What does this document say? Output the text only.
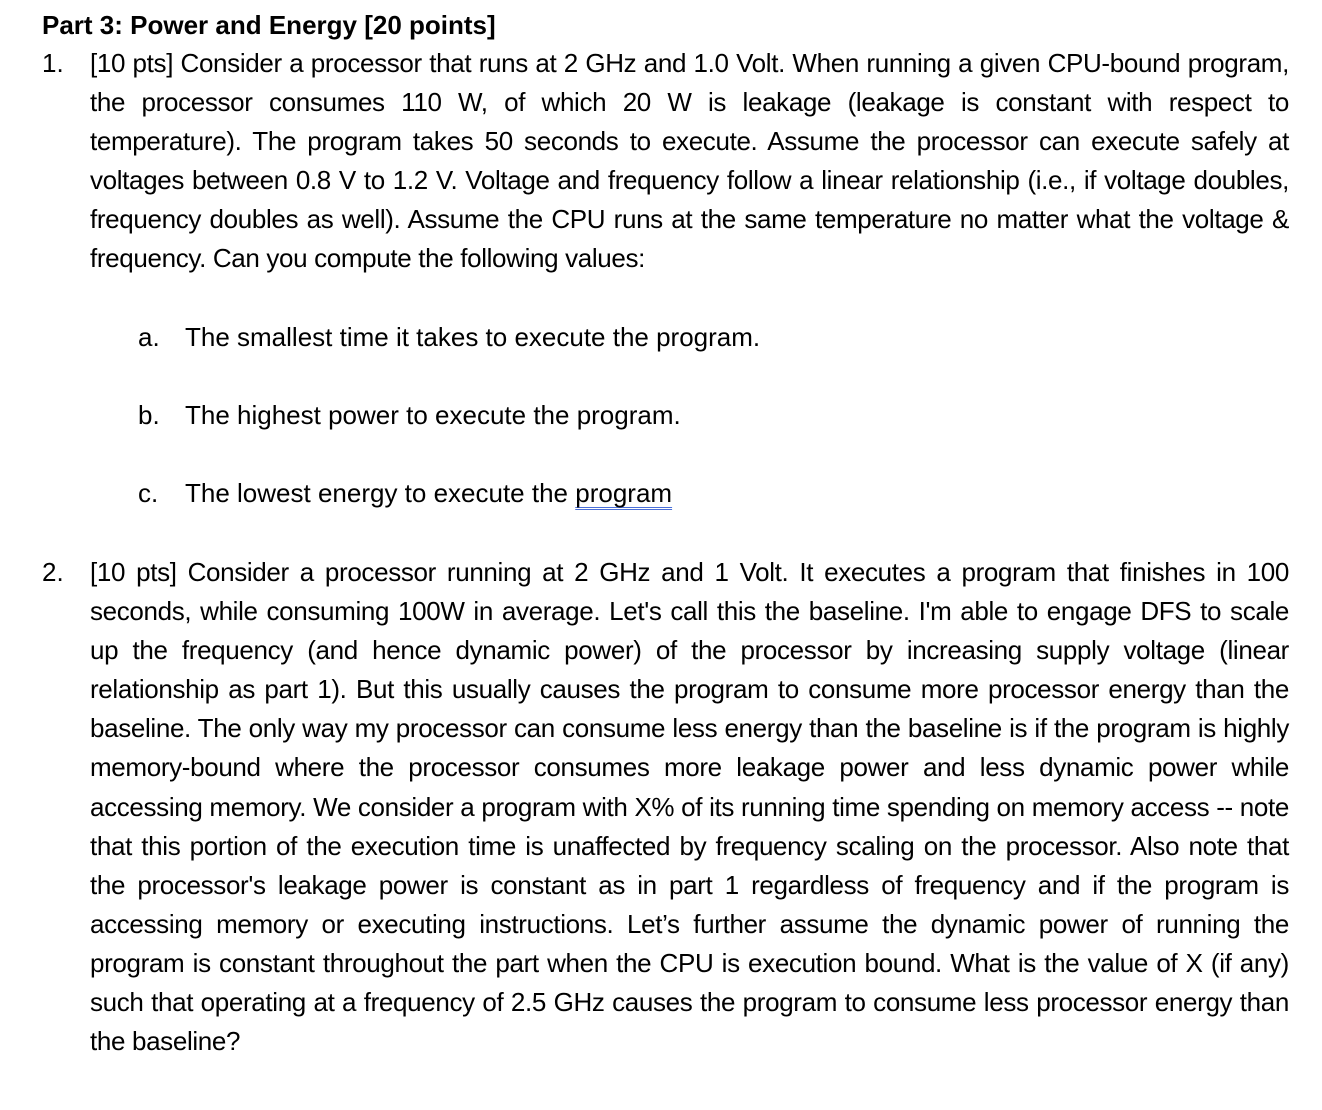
Part 3: Power and Energy [20 points]
1. [10 pts] Consider a processor that runs at 2 GHz and 1.0 Volt. When running a given CPU-bound program, the processor consumes 110 W, of which 20 W is leakage (leakage is constant with respect to temperature). The program takes 50 seconds to execute. Assume the processor can execute safely at voltages between 0.8 V to 1.2 V. Voltage and frequency follow a linear relationship (i.e., if voltage doubles, frequency doubles as well). Assume the CPU runs at the same temperature no matter what the voltage & frequency. Can you compute the following values:
a. The smallest time it takes to execute the program.
b. The highest power to execute the program.
c. The lowest energy to execute the program
2. [10 pts] Consider a processor running at 2 GHz and 1 Volt. It executes a program that finishes in 100 seconds, while consuming 100W in average. Let's call this the baseline. I'm able to engage DFS to scale up the frequency (and hence dynamic power) of the processor by increasing supply voltage (linear relationship as part 1). But this usually causes the program to consume more processor energy than the baseline. The only way my processor can consume less energy than the baseline is if the program is highly memory-bound where the processor consumes more leakage power and less dynamic power while accessing memory. We consider a program with X% of its running time spending on memory access -- note that this portion of the execution time is unaffected by frequency scaling on the processor. Also note that the processor's leakage power is constant as in part 1 regardless of frequency and if the program is accessing memory or executing instructions. Let’s further assume the dynamic power of running the program is constant throughout the part when the CPU is execution bound. What is the value of X (if any) such that operating at a frequency of 2.5 GHz causes the program to consume less processor energy than the baseline?
